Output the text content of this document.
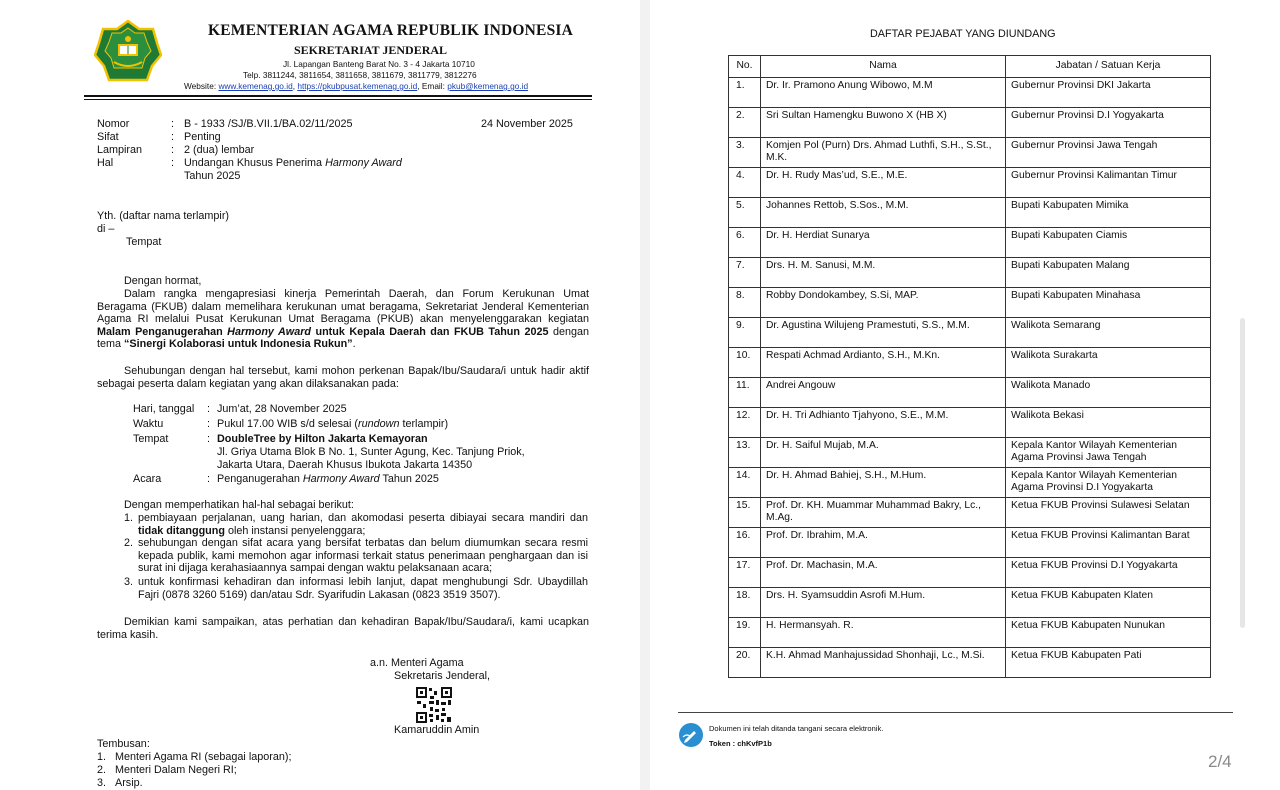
KEMENTERIAN AGAMA REPUBLIK INDONESIA
SEKRETARIAT JENDERAL
Jl. Lapangan Banteng Barat No. 3 - 4 Jakarta 10710
Telp. 3811244, 3811654, 3811658, 3811679, 3811779, 3812276
Website: www.kemenag.go.id, https://pkubpusat.kemenag.go.id, Email: pkub@kemenag.go.id
Nomor	: B - 1933 /SJ/B.VII.1/BA.02/11/2025	24 November 2025
Sifat	: Penting
Lampiran	: 2 (dua) lembar
Hal	: Undangan Khusus Penerima Harmony Award
Tahun 2025
Yth. (daftar nama terlampir)
di –
Tempat
Dengan hormat,
Dalam rangka mengapresiasi kinerja Pemerintah Daerah, dan Forum Kerukunan Umat Beragama (FKUB) dalam memelihara kerukunan umat beragama, Sekretariat Jenderal Kementerian Agama RI melalui Pusat Kerukunan Umat Beragama (PKUB) akan menyelenggarakan kegiatan Malam Penganugerahan Harmony Award untuk Kepala Daerah dan FKUB Tahun 2025 dengan tema “Sinergi Kolaborasi untuk Indonesia Rukun”.
Sehubungan dengan hal tersebut, kami mohon perkenan Bapak/Ibu/Saudara/i untuk hadir aktif sebagai peserta dalam kegiatan yang akan dilaksanakan pada:
Hari, tanggal : Jum’at, 28 November 2025
Waktu	: Pukul 17.00 WIB s/d selesai (rundown terlampir)
Tempat	: DoubleTree by Hilton Jakarta Kemayoran
Jl. Griya Utama Blok B No. 1, Sunter Agung, Kec. Tanjung Priok,
Jakarta Utara, Daerah Khusus Ibukota Jakarta 14350
Acara	: Penganugerahan Harmony Award Tahun 2025
Dengan memperhatikan hal-hal sebagai berikut:
1. pembiayaan perjalanan, uang harian, dan akomodasi peserta dibiayai secara mandiri dan tidak ditanggung oleh instansi penyelenggara;
2. sehubungan dengan sifat acara yang bersifat terbatas dan belum diumumkan secara resmi kepada publik, kami memohon agar informasi terkait status penerimaan penghargaan dan isi surat ini dijaga kerahasiaannya sampai dengan waktu pelaksanaan acara;
3. untuk konfirmasi kehadiran dan informasi lebih lanjut, dapat menghubungi Sdr. Ubaydillah Fajri (0878 3260 5169) dan/atau Sdr. Syarifudin Lakasan (0823 3519 3507).
Demikian kami sampaikan, atas perhatian dan kehadiran Bapak/Ibu/Saudara/i, kami ucapkan terima kasih.
a.n. Menteri Agama
Sekretaris Jenderal,
Kamaruddin Amin
Tembusan:
1. Menteri Agama RI (sebagai laporan);
2. Menteri Dalam Negeri RI;
3. Arsip.
DAFTAR PEJABAT YANG DIUNDANG
No.	Nama	Jabatan / Satuan Kerja
1.	Dr. Ir. Pramono Anung Wibowo, M.M	Gubernur Provinsi DKI Jakarta
2.	Sri Sultan Hamengku Buwono X (HB X)	Gubernur Provinsi D.I Yogyakarta
3.	Komjen Pol (Purn) Drs. Ahmad Luthfi, S.H., S.St., M.K.	Gubernur Provinsi Jawa Tengah
4.	Dr. H. Rudy Mas’ud, S.E., M.E.	Gubernur Provinsi Kalimantan Timur
5.	Johannes Rettob, S.Sos., M.M.	Bupati Kabupaten Mimika
6.	Dr. H. Herdiat Sunarya	Bupati Kabupaten Ciamis
7.	Drs. H. M. Sanusi, M.M.	Bupati Kabupaten Malang
8.	Robby Dondokambey, S.Si, MAP.	Bupati Kabupaten Minahasa
9.	Dr. Agustina Wilujeng Pramestuti, S.S., M.M.	Walikota Semarang
10.	Respati Achmad Ardianto, S.H., M.Kn.	Walikota Surakarta
11.	Andrei Angouw	Walikota Manado
12.	Dr. H. Tri Adhianto Tjahyono, S.E., M.M.	Walikota Bekasi
13.	Dr. H. Saiful Mujab, M.A.	Kepala Kantor Wilayah Kementerian Agama Provinsi Jawa Tengah
14.	Dr. H. Ahmad Bahiej, S.H., M.Hum.	Kepala Kantor Wilayah Kementerian Agama Provinsi D.I Yogyakarta
15.	Prof. Dr. KH. Muammar Muhammad Bakry, Lc., M.Ag.	Ketua FKUB Provinsi Sulawesi Selatan
16.	Prof. Dr. Ibrahim, M.A.	Ketua FKUB Provinsi Kalimantan Barat
17.	Prof. Dr. Machasin, M.A.	Ketua FKUB Provinsi D.I Yogyakarta
18.	Drs. H. Syamsuddin Asrofi M.Hum.	Ketua FKUB Kabupaten Klaten
19.	H. Hermansyah. R.	Ketua FKUB Kabupaten Nunukan
20.	K.H. Ahmad Manhajussidad Shonhaji, Lc., M.Si.	Ketua FKUB Kabupaten Pati
Dokumen ini telah ditanda tangani secara elektronik.
Token : chKvfP1b
2/4
